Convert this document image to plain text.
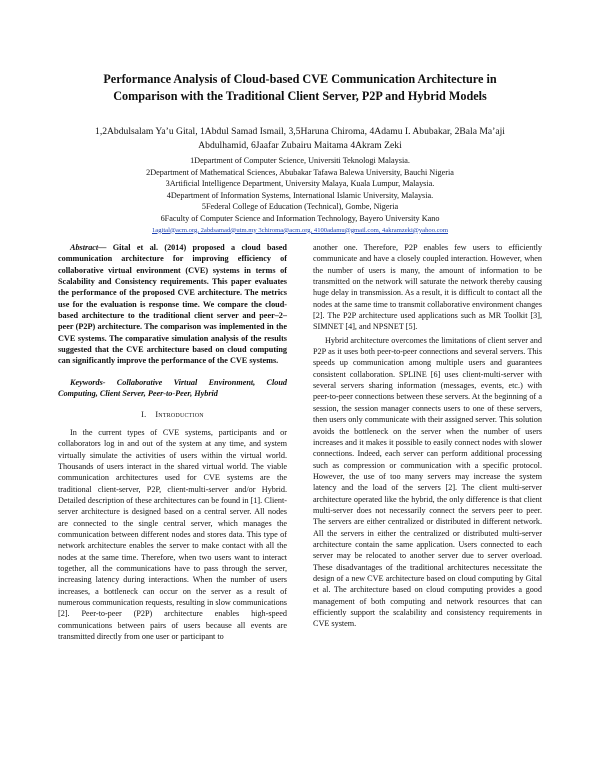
Performance Analysis of Cloud-based CVE Communication Architecture in
Comparison with the Traditional Client Server, P2P and Hybrid Models
1,2Abdulsalam Ya’u Gital, 1Abdul Samad Ismail, 3,5Haruna Chiroma, 4Adamu I. Abubakar, 2Bala Ma’aji
Abdulhamid, 6Jaafar Zubairu Maitama 4Akram Zeki
1Department of Computer Science, Universiti Teknologi Malaysia.
2Department of Mathematical Sciences, Abubakar Tafawa Balewa University, Bauchi Nigeria
3Artificial Intelligence Department, University Malaya, Kuala Lumpur, Malaysia.
4Department of Information Systems, International Islamic University, Malaysia.
5Federal College of Education (Technical), Gombe, Nigeria
6Faculty of Computer Science and Information Technology, Bayero University Kano
1agital@acm.org, 2abdsamad@utm.my 3chiroma@acm.org, 4100adamu@gmail.com, 4akramzeki@yahoo.com

Abstract— Gital et al. (2014) proposed a cloud based communication architecture for improving efficiency of collaborative virtual environment (CVE) systems in terms of Scalability and Consistency requirements. This paper evaluates the performance of the proposed CVE architecture. The metrics use for the evaluation is response time. We compare the cloud-based architecture to the traditional client server and peer–2–peer (P2P) architecture. The comparison was implemented in the CVE systems. The comparative simulation analysis of the results suggested that the CVE architecture based on cloud computing can significantly improve the performance of the CVE systems.

Keywords- Collaborative Virtual Environment, Cloud Computing, Client Server, Peer-to-Peer, Hybrid

I. Introduction

In the current types of CVE systems, participants and or collaborators log in and out of the system at any time, and system virtually simulate the activities of users within the virtual world. Thousands of users interact in the shared virtual world. The viable communication architectures used for CVE systems are the traditional client-server, P2P, client-multi-server and/or Hybrid. Detailed description of these architectures can be found in [1]. Client-server architecture is designed based on a central server. All nodes are connected to the single central server, which manages the communication between different nodes and stores data. This type of network architecture enables the server to make contact with all the nodes at the same time. Therefore, when two users want to interact together, all the communications have to pass through the server, increasing latency during interactions. When the number of users increases, a bottleneck can occur on the server as a result of numerous communication requests, resulting in slow communications [2]. Peer-to-peer (P2P) architecture enables high-speed communications between pairs of users because all events are transmitted directly from one user or participant to

another one. Therefore, P2P enables few users to efficiently communicate and have a closely coupled interaction. However, when the number of users is many, the amount of information to be transmitted on the network will saturate the network thereby causing huge delay in transmission. As a result, it is difficult to contact all the nodes at the same time to transmit collaborative environment changes [2]. The P2P architecture used applications such as MR Toolkit [3], SIMNET [4], and NPSNET [5].

Hybrid architecture overcomes the limitations of client server and P2P as it uses both peer-to-peer connections and several servers. This speeds up communication among multiple users and guarantees consistent collaboration. SPLINE [6] uses client-multi-server with several servers sharing information (messages, events, etc.) with peer-to-peer connections between these servers. At the beginning of a session, the session manager connects users to one of these servers, then users only communicate with their assigned server. This solution avoids the bottleneck on the server when the number of users increases and it makes it possible to easily connect nodes with slower connections. Indeed, each server can perform additional processing such as compression or communication with a specific protocol. However, the use of too many servers may increase the system latency and the load of the servers [2]. The client multi-server architecture operated like the hybrid, the only difference is that client multi-server does not necessarily connect the servers peer to peer. The servers are either centralized or distributed in different network. All the servers in either the centralized or distributed multi-server architecture contain the same application. Users connected to each server may be relocated to another server due to server overload. These disadvantages of the traditional architectures necessitate the design of a new CVE architecture based on cloud computing by Gital et al. The architecture based on cloud computing provides a good management of both computing and network resources that can efficiently support the scalability and consistency requirements in CVE system.
